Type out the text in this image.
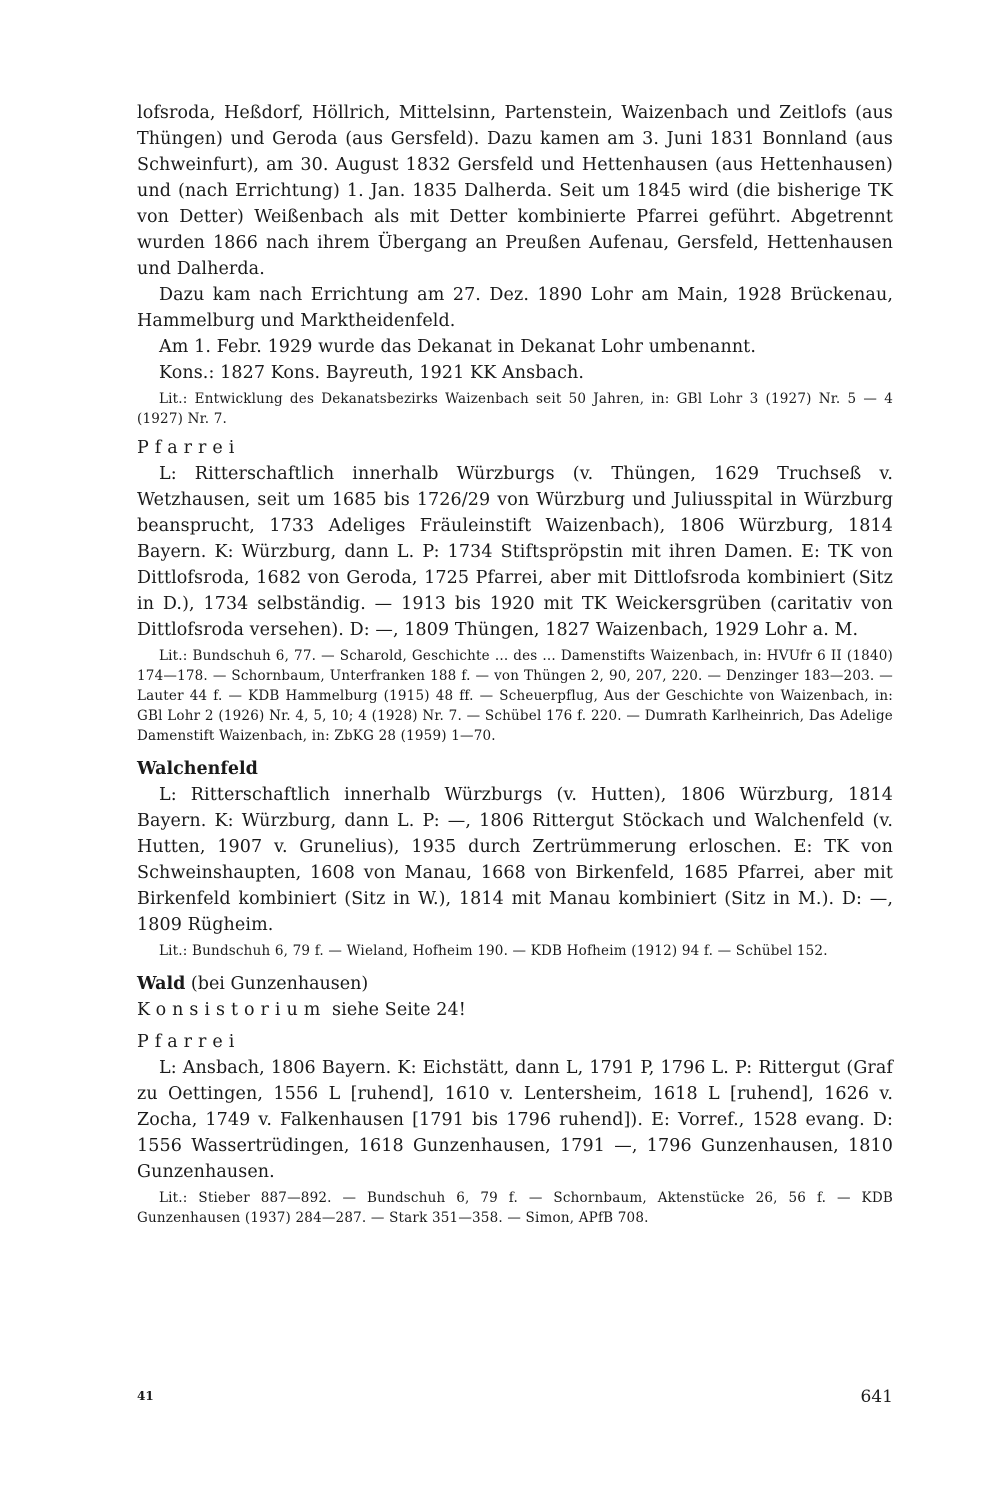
lofsroda, Heßdorf, Höllrich, Mittelsinn, Partenstein, Waizenbach und Zeitlofs (aus Thüngen) und Geroda (aus Gersfeld). Dazu kamen am 3. Juni 1831 Bonnland (aus Schweinfurt), am 30. August 1832 Gersfeld und Hettenhausen (aus Hettenhausen) und (nach Errichtung) 1. Jan. 1835 Dalherda. Seit um 1845 wird (die bisherige TK von Detter) Weißenbach als mit Detter kombinierte Pfarrei geführt. Abgetrennt wurden 1866 nach ihrem Übergang an Preußen Aufenau, Gersfeld, Hettenhausen und Dalherda.

Dazu kam nach Errichtung am 27. Dez. 1890 Lohr am Main, 1928 Brückenau, Hammelburg und Marktheidenfeld.

Am 1. Febr. 1929 wurde das Dekanat in Dekanat Lohr umbenannt.

Kons.: 1827 Kons. Bayreuth, 1921 KK Ansbach.

Lit.: Entwicklung des Dekanatsbezirks Waizenbach seit 50 Jahren, in: GBl Lohr 3 (1927) Nr. 5 — 4 (1927) Nr. 7.

Pfarrei

L: Ritterschaftlich innerhalb Würzburgs (v. Thüngen, 1629 Truchseß v. Wetzhausen, seit um 1685 bis 1726/29 von Würzburg und Juliusspital in Würzburg beansprucht, 1733 Adeliges Fräuleinstift Waizenbach), 1806 Würzburg, 1814 Bayern. K: Würzburg, dann L. P: 1734 Stiftspröpstin mit ihren Damen. E: TK von Dittlofsroda, 1682 von Geroda, 1725 Pfarrei, aber mit Dittlofsroda kombiniert (Sitz in D.), 1734 selbständig. — 1913 bis 1920 mit TK Weickersgrüben (caritativ von Dittlofsroda versehen). D: —, 1809 Thüngen, 1827 Waizenbach, 1929 Lohr a. M.

Lit.: Bundschuh 6, 77. — Scharold, Geschichte ... des ... Damenstifts Waizenbach, in: HVUfr 6 II (1840) 174—178. — Schornbaum, Unterfranken 188 f. — von Thüngen 2, 90, 207, 220. — Denzinger 183—203. — Lauter 44 f. — KDB Hammelburg (1915) 48 ff. — Scheuerpflug, Aus der Geschichte von Waizenbach, in: GBl Lohr 2 (1926) Nr. 4, 5, 10; 4 (1928) Nr. 7. — Schübel 176 f. 220. — Dumrath Karlheinrich, Das Adelige Damenstift Waizenbach, in: ZbKG 28 (1959) 1—70.

Walchenfeld

L: Ritterschaftlich innerhalb Würzburgs (v. Hutten), 1806 Würzburg, 1814 Bayern. K: Würzburg, dann L. P: —, 1806 Rittergut Stöckach und Walchenfeld (v. Hutten, 1907 v. Grunelius), 1935 durch Zertrümmerung erloschen. E: TK von Schweinshaupten, 1608 von Manau, 1668 von Birkenfeld, 1685 Pfarrei, aber mit Birkenfeld kombiniert (Sitz in W.), 1814 mit Manau kombiniert (Sitz in M.). D: —, 1809 Rügheim.

Lit.: Bundschuh 6, 79 f. — Wieland, Hofheim 190. — KDB Hofheim (1912) 94 f. — Schübel 152.

Wald (bei Gunzenhausen)

Konsistorium siehe Seite 24!

Pfarrei

L: Ansbach, 1806 Bayern. K: Eichstätt, dann L, 1791 P, 1796 L. P: Rittergut (Graf zu Oettingen, 1556 L [ruhend], 1610 v. Lentersheim, 1618 L [ruhend], 1626 v. Zocha, 1749 v. Falkenhausen [1791 bis 1796 ruhend]). E: Vorref., 1528 evang. D: 1556 Wassertrüdingen, 1618 Gunzenhausen, 1791 —, 1796 Gunzenhausen, 1810 Gunzenhausen.

Lit.: Stieber 887—892. — Bundschuh 6, 79 f. — Schornbaum, Aktenstücke 26, 56 f. — KDB Gunzenhausen (1937) 284—287. — Stark 351—358. — Simon, APfB 708.

41	641
